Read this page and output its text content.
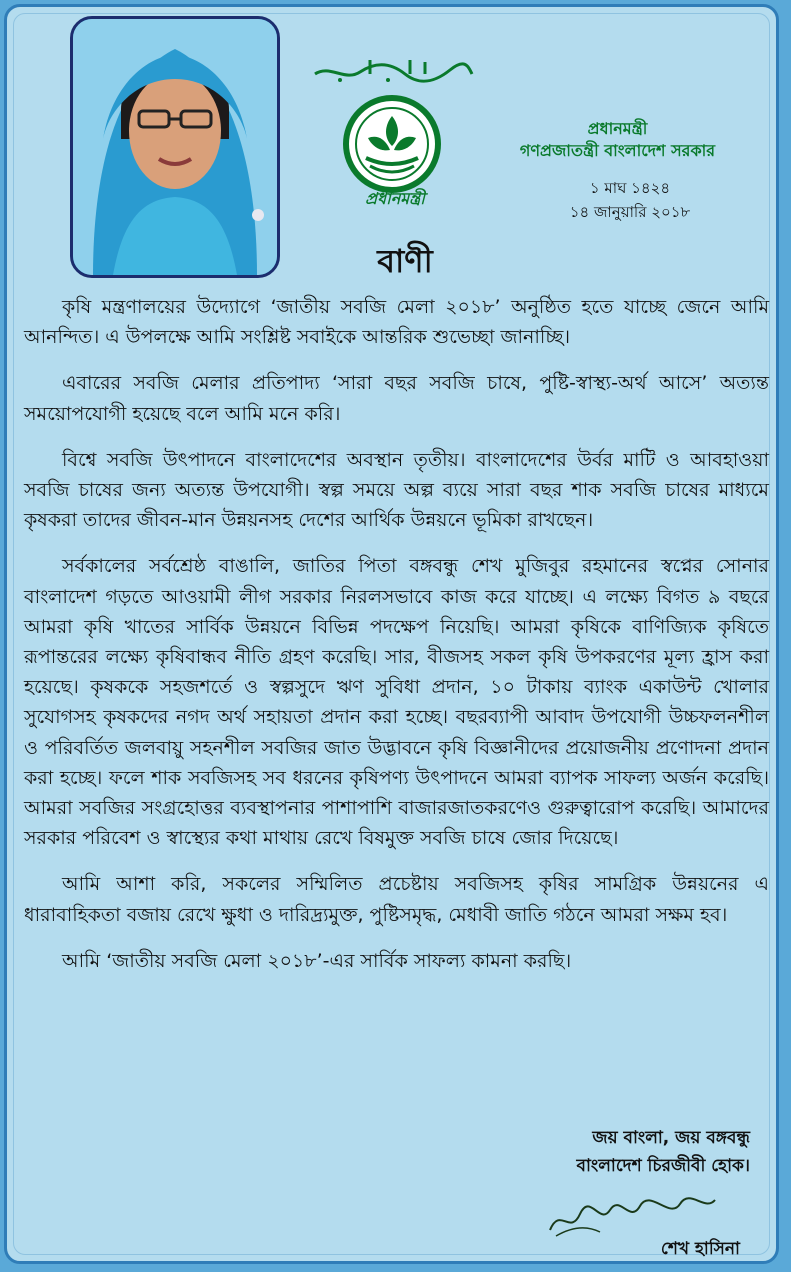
প্রধানমন্ত্রী
প্রধানমন্ত্রী
গণপ্রজাতন্ত্রী বাংলাদেশ সরকার
১ মাঘ ১৪২৪
১৪ জানুয়ারি ২০১৮
বাণী

কৃষি মন্ত্রণালয়ের উদ্যোগে ‘জাতীয় সবজি মেলা ২০১৮’ অনুষ্ঠিত হতে যাচ্ছে জেনে আমি আনন্দিত। এ উপলক্ষে আমি সংশ্লিষ্ট সবাইকে আন্তরিক শুভেচ্ছা জানাচ্ছি।

এবারের সবজি মেলার প্রতিপাদ্য ‘সারা বছর সবজি চাষে, পুষ্টি-স্বাস্থ্য-অর্থ আসে’ অত্যন্ত সময়োপযোগী হয়েছে বলে আমি মনে করি।

বিশ্বে সবজি উৎপাদনে বাংলাদেশের অবস্থান তৃতীয়। বাংলাদেশের উর্বর মাটি ও আবহাওয়া সবজি চাষের জন্য অত্যন্ত উপযোগী। স্বল্প সময়ে অল্প ব্যয়ে সারা বছর শাক সবজি চাষের মাধ্যমে কৃষকরা তাদের জীবন-মান উন্নয়নসহ দেশের আর্থিক উন্নয়নে ভূমিকা রাখছেন।

সর্বকালের সর্বশ্রেষ্ঠ বাঙালি, জাতির পিতা বঙ্গবন্ধু শেখ মুজিবুর রহমানের স্বপ্নের সোনার বাংলাদেশ গড়তে আওয়ামী লীগ সরকার নিরলসভাবে কাজ করে যাচ্ছে। এ লক্ষ্যে বিগত ৯ বছরে আমরা কৃষি খাতের সার্বিক উন্নয়নে বিভিন্ন পদক্ষেপ নিয়েছি। আমরা কৃষিকে বাণিজ্যিক কৃষিতে রূপান্তরের লক্ষ্যে কৃষিবান্ধব নীতি গ্রহণ করেছি। সার, বীজসহ সকল কৃষি উপকরণের মূল্য হ্রাস করা হয়েছে। কৃষককে সহজশর্তে ও স্বল্পসুদে ঋণ সুবিধা প্রদান, ১০ টাকায় ব্যাংক একাউন্ট খোলার সুযোগসহ কৃষকদের নগদ অর্থ সহায়তা প্রদান করা হচ্ছে। বছরব্যাপী আবাদ উপযোগী উচ্চফলনশীল ও পরিবর্তিত জলবায়ু সহনশীল সবজির জাত উদ্ভাবনে কৃষি বিজ্ঞানীদের প্রয়োজনীয় প্রণোদনা প্রদান করা হচ্ছে। ফলে শাক সবজিসহ সব ধরনের কৃষিপণ্য উৎপাদনে আমরা ব্যাপক সাফল্য অর্জন করেছি। আমরা সবজির সংগ্রহোত্তর ব্যবস্থাপনার পাশাপাশি বাজারজাতকরণেও গুরুত্বারোপ করেছি। আমাদের সরকার পরিবেশ ও স্বাস্থ্যের কথা মাথায় রেখে বিষমুক্ত সবজি চাষে জোর দিয়েছে।

আমি আশা করি, সকলের সম্মিলিত প্রচেষ্টায় সবজিসহ কৃষির সামগ্রিক উন্নয়নের এ ধারাবাহিকতা বজায় রেখে ক্ষুধা ও দারিদ্র্যমুক্ত, পুষ্টিসমৃদ্ধ, মেধাবী জাতি গঠনে আমরা সক্ষম হব।

আমি ‘জাতীয় সবজি মেলা ২০১৮’-এর সার্বিক সাফল্য কামনা করছি।

জয় বাংলা, জয় বঙ্গবন্ধু
বাংলাদেশ চিরজীবী হোক।
শেখ হাসিনা
